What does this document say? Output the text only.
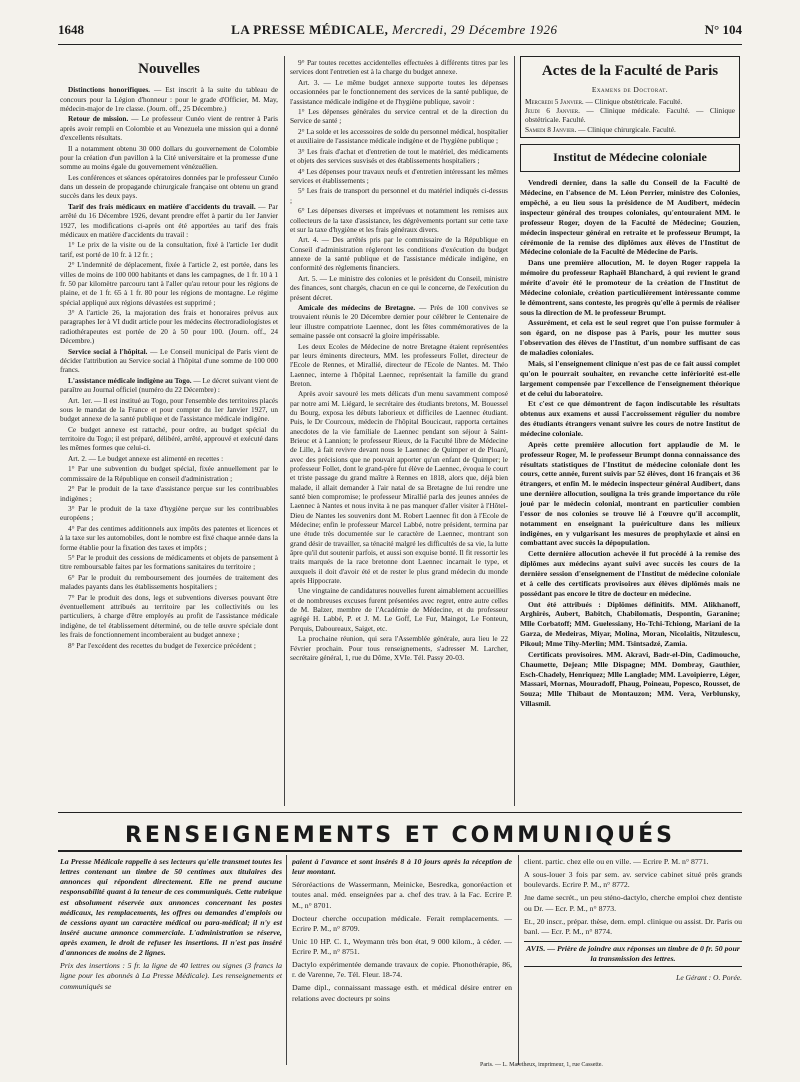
1648	LA PRESSE MÉDICALE, Mercredi, 29 Décembre 1926	N° 104
Nouvelles

Distinctions honorifiques. — Est inscrit à la suite du tableau de concours pour la Légion d'honneur : pour le grade d'Officier, M. May, médecin-major de 1re classe. (Journ. off., 25 Décembre.)

Retour de mission. — Le professeur Cunéo vient de rentrer à Paris après avoir rempli en Colombie et au Venezuela une mission qui a donné d'excellents résultats.

Il a notamment obtenu 30 000 dollars du gouvernement de Colombie pour la création d'un pavillon à la Cité universitaire et la promesse d'une somme au moins égale du gouvernement vénézuélien.

Les conférences et séances opératoires données par le professeur Cunéo dans un dessein de propagande chirurgicale française ont obtenu un grand succès dans les deux pays.

Tarif des frais médicaux en matière d'accidents du travail. — Par arrêté du 16 Décembre 1926, devant prendre effet à partir du 1er Janvier 1927, les modifications ci-après ont été apportées au tarif des frais médicaux en matière d'accidents du travail :

1° Le prix de la visite ou de la consultation, fixé à l'article 1er dudit tarif, est porté de 10 fr. à 12 fr. ;

2° L'indemnité de déplacement, fixée à l'article 2, est portée, dans les villes de moins de 100 000 habitants et dans les campagnes, de 1 fr. 10 à 1 fr. 50 par kilomètre parcouru tant à l'aller qu'au retour pour les régions de plaine, et de 1 fr. 65 à 1 fr. 80 pour les régions de montagne. Le régime spécial appliqué aux régions dévastées est supprimé ;

3° A l'article 26, la majoration des frais et honoraires prévus aux paragraphes Ier à VI dudit article pour les médecins électroradiologistes et radiothérapeutes est portée de 20 à 50 pour 100. (Journ. off., 24 Décembre.)

Service social à l'hôpital. — Le Conseil municipal de Paris vient de décider l'attribution au Service social à l'hôpital d'une somme de 100 000 francs.

L'assistance médicale indigène au Togo. — Le décret suivant vient de paraître au Journal officiel (numéro du 22 Décembre) :

Art. 1er. — Il est institué au Togo, pour l'ensemble des territoires placés sous le mandat de la France et pour compter du 1er Janvier 1927, un budget annexe de la santé publique et de l'assistance médicale indigène.

Ce budget annexe est rattaché, pour ordre, au budget spécial du territoire du Togo; il est préparé, délibéré, arrêté, approuvé et exécuté dans les mêmes formes que celui-ci.

Art. 2. — Le budget annexe est alimenté en recettes :

1° Par une subvention du budget spécial, fixée annuellement par le commissaire de la République en conseil d'administration ;

2° Par le produit de la taxe d'assistance perçue sur les contribuables indigènes ;

3° Par le produit de la taxe d'hygiène perçue sur les contribuables européens ;

4° Par des centimes additionnels aux impôts des patentes et licences et à la taxe sur les automobiles, dont le nombre est fixé chaque année dans la forme établie pour la fixation des taxes et impôts ;

5° Par le produit des cessions de médicaments et objets de pansement à titre remboursable faites par les formations sanitaires du territoire ;

6° Par le produit du remboursement des journées de traitement des malades payants dans les établissements hospitaliers ;

7° Par le produit des dons, legs et subventions diverses pouvant être éventuellement attribués au territoire par les collectivités ou les particuliers, à charge d'être employés au profit de l'assistance médicale indigène, de tel établissement déterminé, ou de telle œuvre spéciale dont les frais de fonctionnement incomberaient au budget annexe ;

8° Par l'excédent des recettes du budget de l'exercice précédent ;

9° Par toutes recettes accidentelles effectuées à différents titres par les services dont l'entretien est à la charge du budget annexe.

Art. 3. — Le même budget annexe supporte toutes les dépenses occasionnées par le fonctionnement des services de la santé publique, de l'assistance médicale indigène et de l'hygiène publique, savoir :

1° Les dépenses générales du service central et de la direction du Service de santé ;

2° La solde et les accessoires de solde du personnel médical, hospitalier et auxiliaire de l'assistance médicale indigène et de l'hygiène publique ;

3° Les frais d'achat et d'entretien de tout le matériel, des médicaments et objets des services susvisés et des établissements hospitaliers ;

4° Les dépenses pour travaux neufs et d'entretien intéressant les mêmes services et établissements ;

5° Les frais de transport du personnel et du matériel indiqués ci-dessus ;

6° Les dépenses diverses et imprévues et notamment les remises aux collecteurs de la taxe d'assistance, les dégrèvements portant sur cette taxe et sur la taxe d'hygiène et les frais généraux divers.

Art. 4. — Des arrêtés pris par le commissaire de la République en Conseil d'administration régleront les conditions d'exécution du budget annexe de la santé publique et de l'assistance médicale indigène, en conformité des règlements financiers.

Art. 5. — Le ministre des colonies et le président du Conseil, ministre des finances, sont chargés, chacun en ce qui le concerne, de l'exécution du présent décret.

Amicale des médecins de Bretagne. — Près de 100 convives se trouvaient réunis le 20 Décembre dernier pour célébrer le Centenaire de leur illustre compatriote Laennec, dont les fêtes commémoratives de la semaine passée ont consacré la gloire impérissable.

Les deux Ecoles de Médecine de notre Bretagne étaient représentées par leurs éminents directeurs, MM. les professeurs Follet, directeur de l'Ecole de Rennes, et Mirallié, directeur de l'Ecole de Nantes. M. Théo Laennec, interne à l'hôpital Laennec, représentait la famille du grand Breton.

Après avoir savouré les mets délicats d'un menu savamment composé par notre ami M. Liégard, le secrétaire des étudiants bretons, M. Bouessel du Bourg, exposa les débuts laborieux et difficiles de Laennec étudiant. Puis, le Dr Courcoux, médecin de l'hôpital Boucicaut, rapporta certaines anecdotes de la vie familiale de Laennec pendant son séjour à Saint-Brieuc et à Lannion; le professeur Rieux, de la Faculté libre de Médecine de Lille, à fait revivre devant nous le Laennec de Quimper et de Ploaré, avec des précisions que ne pouvait apporter qu'un enfant de Quimper; le professeur Follet, dont le grand-père fut élève de Laennec, évoqua le court et triste passage du grand maître à Rennes en 1818, alors que, déjà bien malade, il allait demander à l'air natal de sa Bretagne de lui rendre une santé bien compromise; le professeur Mirallié parla des jeunes années de Laennec à Nantes et nous invita à ne pas manquer d'aller visiter à l'Hôtel-Dieu de Nantes les souvenirs dont M. Robert Laennec fit don à l'Ecole de Médecine; enfin le professeur Marcel Labbé, notre président, termina par une étude très documentée sur le caractère de Laennec, montrant son grand désir de travailler, sa ténacité malgré les difficultés de sa vie, la lutte âpre qu'il dut soutenir parfois, et aussi son exquise bonté. Il fit ressortir les traits marqués de la race bretonne dont Laennec incarnait le type, et auxquels il doit d'avoir été et de rester le plus grand médecin du monde après Hippocrate.

Une vingtaine de candidatures nouvelles furent aimablement accueillies et de nombreuses excuses furent présentées avec regret, entre autre celles de M. Balzer, membre de l'Académie de Médecine, et du professeur agrégé H. Labbé, P. et J. M. Le Goff, Le Fur, Maingot, Le Fonteun, Perquis, Daboureaux, Saiget, etc.

La prochaine réunion, qui sera l'Assemblée générale, aura lieu le 22 Février prochain. Pour tous renseignements, s'adresser M. Larcher, secrétaire général, 1, rue du Dôme, XVIe. Tél. Passy 20-03.

Actes de la Faculté de Paris
Examens de Doctorat.
Mercredi 5 Janvier. — Clinique obstétricale. Faculté.
Jeudi 6 Janvier. — Clinique médicale. Faculté. — Clinique obstétricale. Faculté.
Samedi 8 Janvier. — Clinique chirurgicale. Faculté.
Institut de Médecine coloniale

Vendredi dernier, dans la salle du Conseil de la Faculté de Médecine, en l'absence de M. Léon Perrier, ministre des Colonies, empêché, a eu lieu sous la présidence de M Audibert, médecin inspecteur général des troupes coloniales, qu'entouraient MM. le professeur Roger, doyen de la Faculté de Médecine; Gouzien, médecin inspecteur général en retraite et le professeur Brumpt, la cérémonie de la remise des diplômes aux élèves de l'Institut de Médecine coloniale de la Faculté de Médecine de Paris.

Dans une première allocution, M. le doyen Roger rappela la mémoire du professeur Raphaël Blanchard, à qui revient le grand mérite d'avoir été le promoteur de la création de l'Institut de Médecine coloniale, création particulièrement intéressante comme le démontrent, sans conteste, les progrès qu'elle à permis de réaliser sous la direction de M. le professeur Brumpt.

Assurément, et cela est le seul regret que l'on puisse formuler à son égard, on ne dispose pas à Paris, pour les mutter sous l'observation des élèves de l'Institut, d'un nombre suffisant de cas de maladies coloniales.

Mais, si l'enseignement clinique n'est pas de ce fait aussi complet qu'on le pourrait souhaiter, en revanche cette infériorité est-elle largement compensée par l'excellence de l'enseignement théorique et de celui du laboratoire.

Et c'est ce que démontrent de façon indiscutable les résultats obtenus aux examens et aussi l'accroissement régulier du nombre des étudiants étrangers venant suivre les cours de notre Institut de médecine coloniale.

Après cette première allocution fort applaudie de M. le professeur Roger, M. le professeur Brumpt donna connaissance des résultats statistiques de l'Institut de médecine coloniale dont les cours, cette année, furent suivis par 52 élèves, dont 16 français et 36 étrangers, et enfin M. le médecin inspecteur général Audibert, dans une dernière allocution, souligna la très grande importance du rôle joué par le médecin colonial, montrant en particulier combien l'essor de nos colonies se trouve lié à l'œuvre qu'il accomplit, notamment en enseignant la puériculture dans les milieux indigènes, en y vulgarisant les mesures de prophylaxie et ainsi en combattant avec succès la dépopulation.

Cette dernière allocution achevée il fut procédé à la remise des diplômes aux médecins ayant suivi avec succès les cours de la dernière session d'enseignement de l'Institut de médecine coloniale et à celle des certificats provisoires aux élèves diplômés mais ne possédant pas encore le titre de docteur en médecine.

Ont été attribués : Diplômes définitifs. MM. Alikhanoff, Arghirès, Aubert, Babitch, Chabilomatis, Despontin, Garanine; Mlle Corbatoff; MM. Guelessiany, Ho-Tchi-Tchiong, Mariani de la Garza, de Medeiras, Miyar, Molina, Moran, Nicolaïtis, Nitzulescu, Pikoul; Mme Tihy-Merlin; MM. Tsintsadzé, Zamia.

Certificats provisoires. MM. Akravi, Badr-el-Din, Cadimouche, Chaumette, Dejean; Mlle Dispagne; MM. Dombray, Gauthier, Esch-Chadely, Henriquez; Mlle Langlade; MM. Lavoipierre, Léger, Massari, Mornas, Mouradoff, Phaug, Poineau, Popesco, Rousset, de Souza; Mlle Thibaut de Montauzon; MM. Vera, Verblunsky, Villasmil.

RENSEIGNEMENTS ET COMMUNIQUÉS

La Presse Médicale rappelle à ses lecteurs qu'elle transmet toutes les lettres contenant un timbre de 50 centimes aux titulaires des annonces qui répondent directement. Elle ne prend aucune responsabilité quant à la teneur de ces communiqués. Cette rubrique est absolument réservée aux annonces concernant les postes médicaux, les remplacements, les offres ou demandes d'emplois ou de cessions ayant un caractère médical ou para-médical; il n'y est inséré aucune annonce commerciale. L'administration se réserve, après examen, le droit de refuser les insertions. Il n'est pas inséré d'annonces de moins de 2 lignes.

Prix des insertions : 5 fr. la ligne de 40 lettres ou signes (3 francs la ligne pour les abonnés à La Presse Médicale). Les renseignements et communiqués se

paient à l'avance et sont insérés 8 à 10 jours après la réception de leur montant.

Séroréactions de Wassermann, Meinicke, Besredka, gonoréaction et toutes anal. méd. enseignées par a. chef des trav. à la Fac. Ecrire P. M., n° 8701.

Docteur cherche occupation médicale. Ferait remplacements. — Ecrire P. M., n° 8709.

Unic 10 HP. C. I., Weymann très bon état, 9 000 kilom., à céder. — Ecrire P. M., n° 8751.

Dactylo expérimentée demande travaux de copie. Phonothérapie, 86, r. de Varenne, 7e. Tél. Fleur. 18-74.

Dame dipl., connaissant massage esth. et médical désire entrer en relations avec docteurs pr soins

client. partic. chez elle ou en ville. — Ecrire P. M. n° 8771.

A sous-louer 3 fois par sem. av. service cabinet situé près grands boulevards. Ecrire P. M., n° 8772.

Jne dame secrét., un peu sténo-dactylo, cherche emploi chez dentiste ou Dr. — Ecr. P. M., n° 8773.

Et., 20 inscr., prépar. thèse, dem. empl. clinique ou assist. Dr. Paris ou banl. — Ecr. P. M., n° 8774.

AVIS. — Prière de joindre aux réponses un timbre de 0 fr. 50 pour la transmission des lettres.
Le Gérant : O. Porée.
Paris. — L. Maretheux, imprimeur, 1, rue Cassette.
